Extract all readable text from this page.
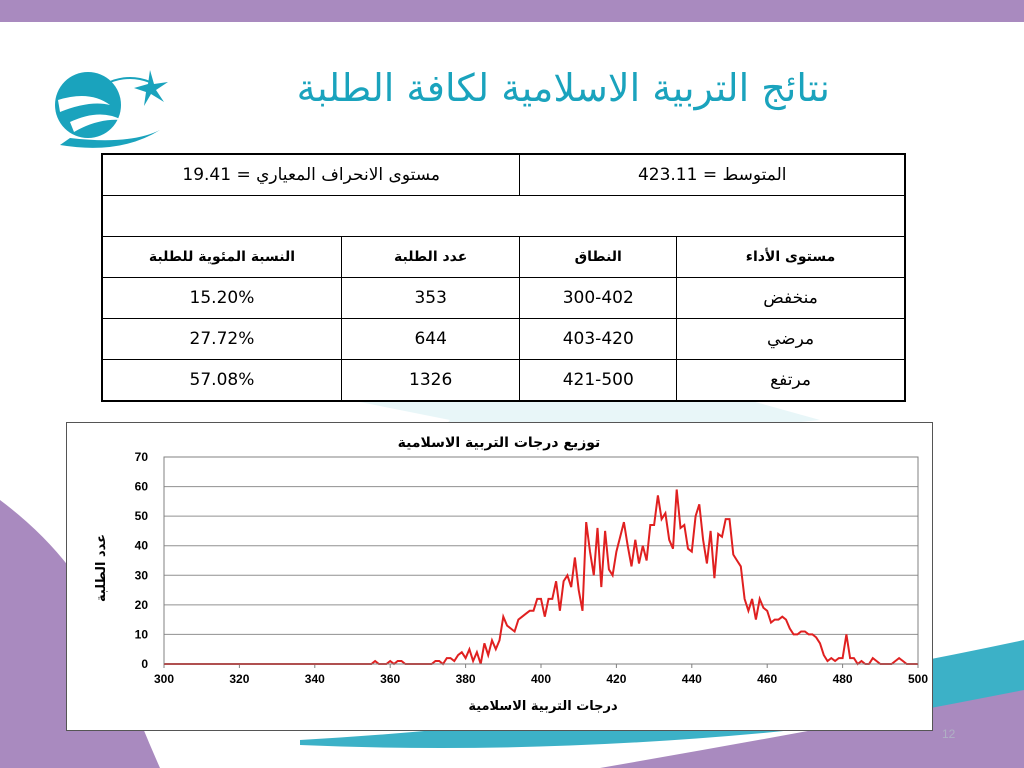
نتائج التربية الاسلامية لكافة الطلبة
19.41 مستوى الانحراف المعياري =		423.11 المتوسط =	

النسبة المئوية للطلبة	عدد الطلبة	النطاق	مستوى الأداء
15.20%	353	300-402	منخفض
27.72%	644	403-420	مرضي
57.08%	1326	421-500	مرتفع
توزيع درجات التربية الاسلامية
درجات التربية الاسلامية
عدد الطلبة
0
10
20
30
40
50
60
70
300	320	340	360	380	400	420	440	460	480	500
12
